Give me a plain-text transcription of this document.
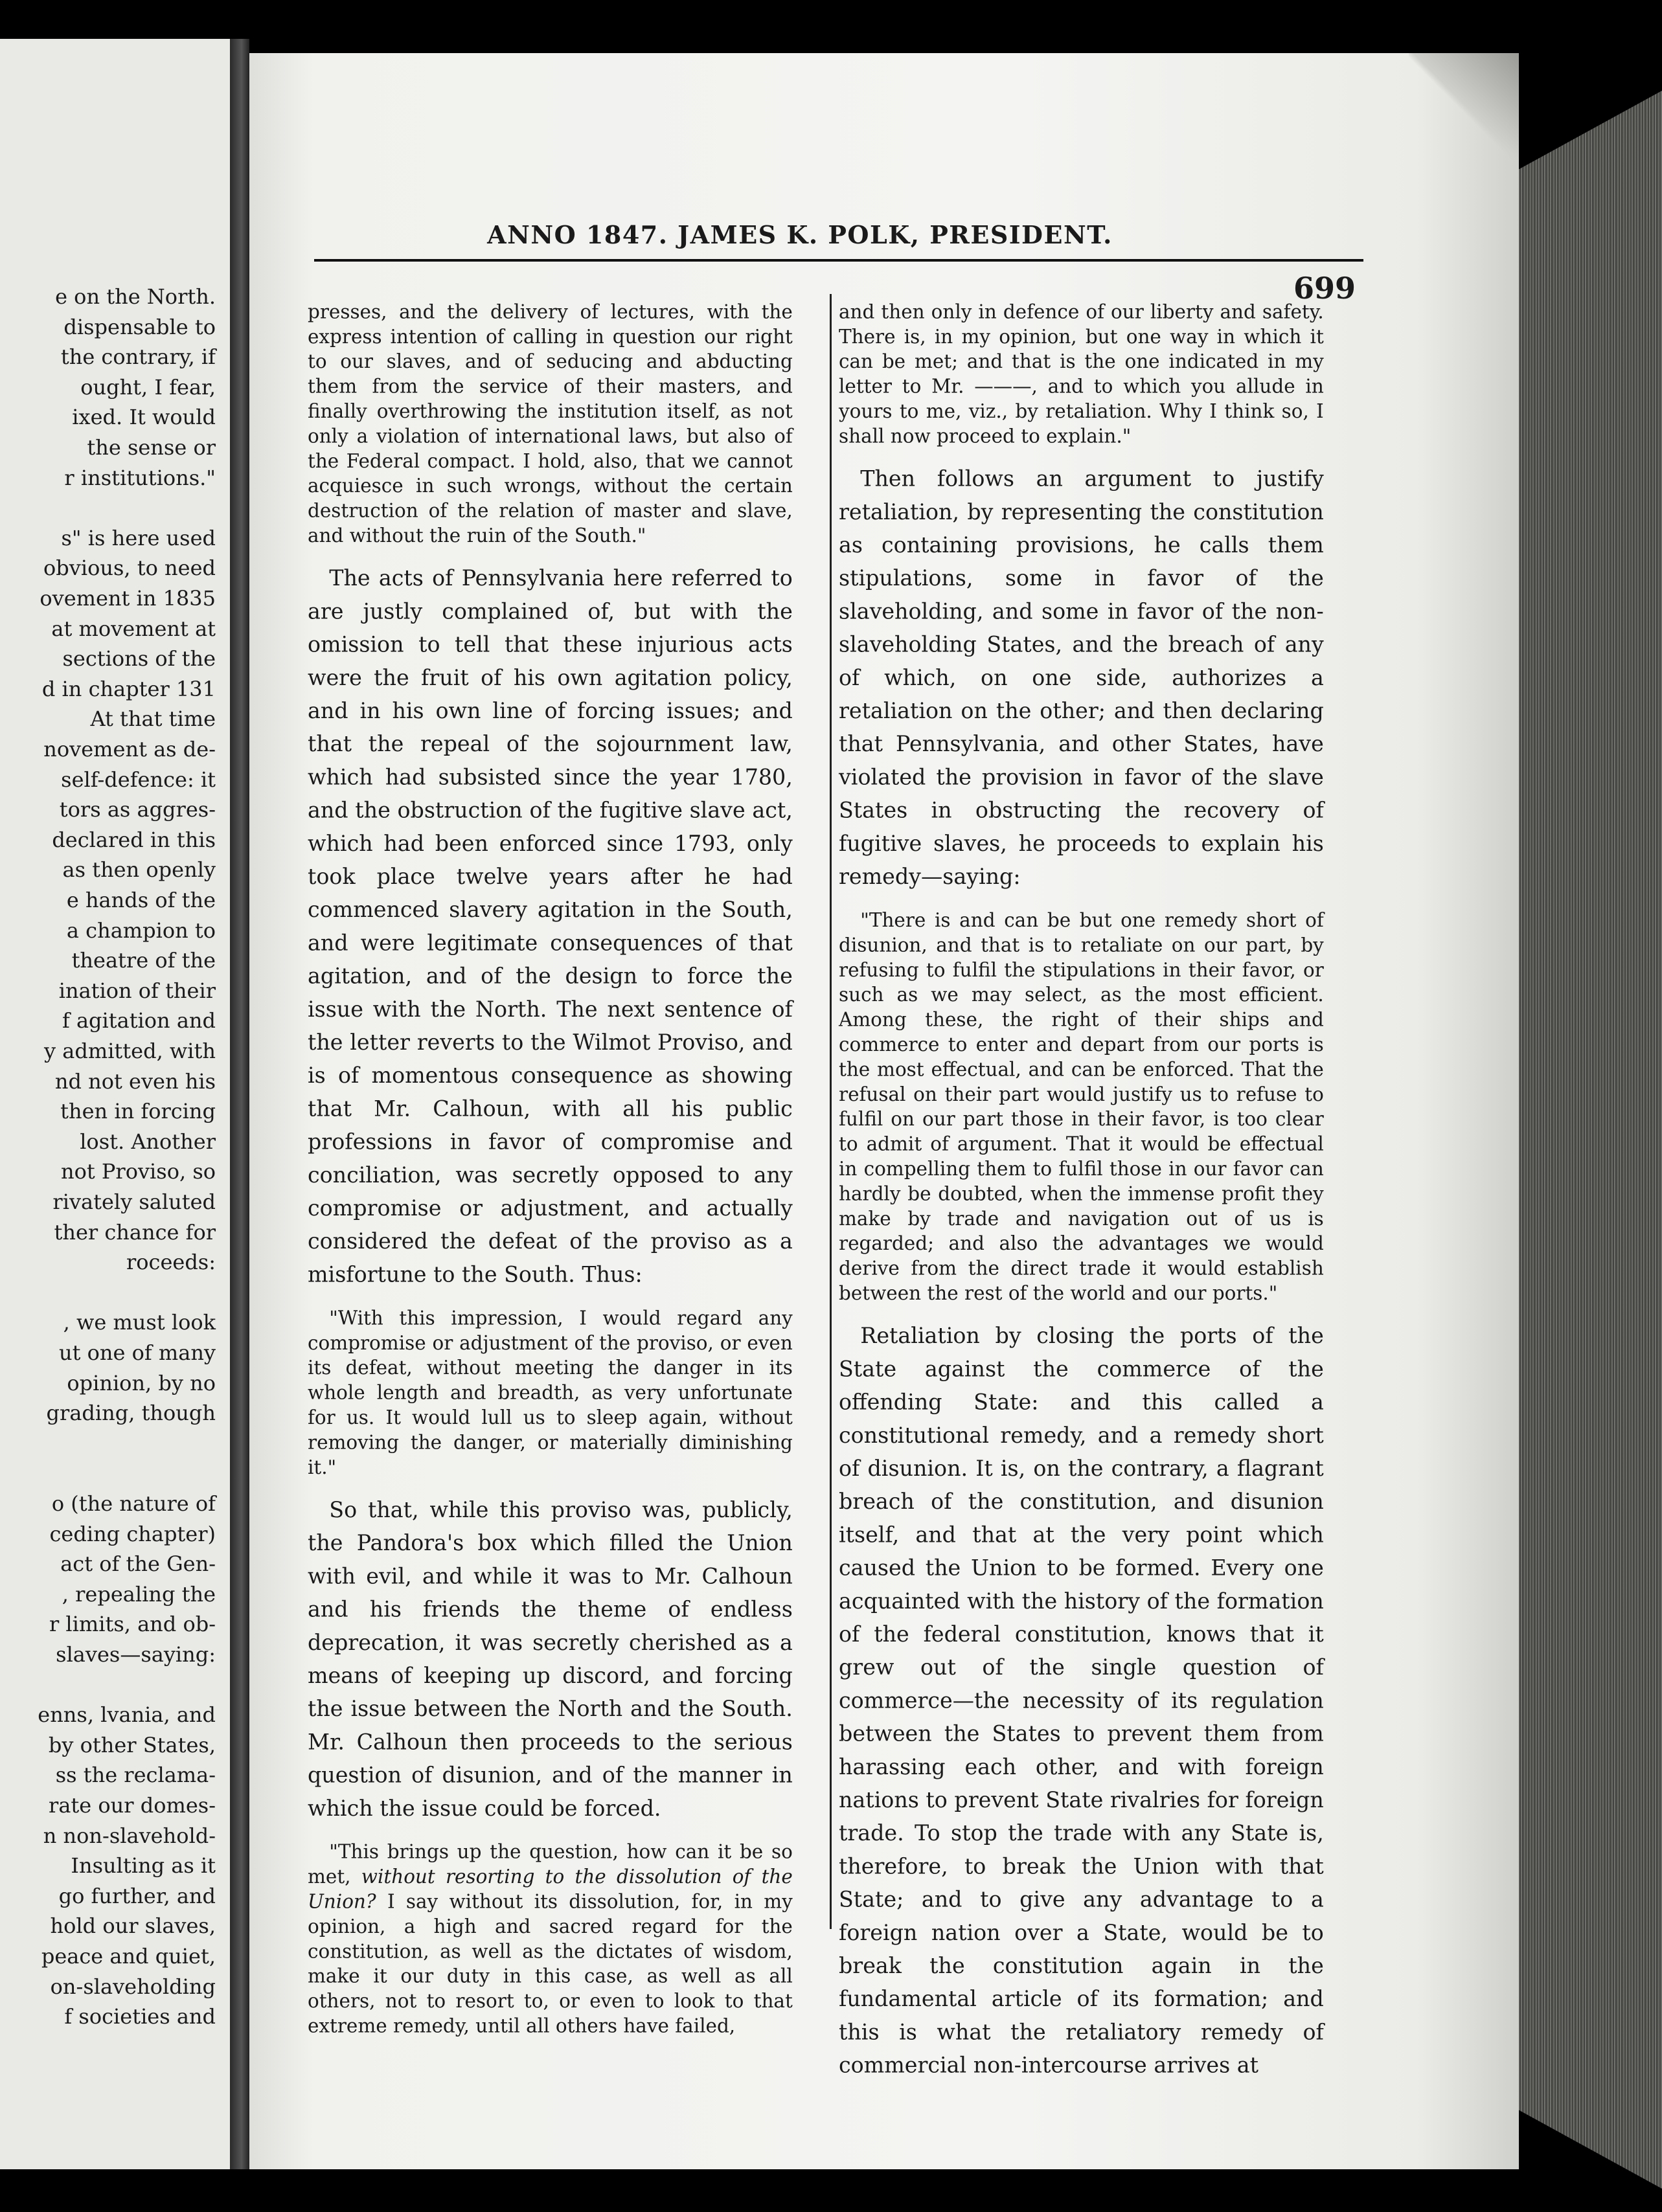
e on the North.
dispensable to
the contrary, if
ought, I fear,
ixed. It would
the sense or
r institutions."
s" is here used
obvious, to need
ovement in 1835
at movement at
sections of the
d in chapter 131
At that time
novement as de-
self-defence: it
tors as aggres-
declared in this
as then openly
e hands of the
a champion to
theatre of the
ination of their
f agitation and
y admitted, with
nd not even his
then in forcing
lost. Another
not Proviso, so
rivately saluted
ther chance for
roceeds:
, we must look
ut one of many
opinion, by no
grading, though
o (the nature of
ceding chapter)
act of the Gen-
, repealing the
r limits, and ob-
slaves—saying:
enns, lvania, and
by other States,
ss the reclama-
rate our domes-
n non-slavehold-
Insulting as it
go further, and
hold our slaves,
peace and quiet,
on-slaveholding
f societies and
ANNO 1847. JAMES K. POLK, PRESIDENT.
699

presses, and the delivery of lectures, with the express intention of calling in question our right to our slaves, and of seducing and abducting them from the service of their masters, and finally overthrowing the institution itself, as not only a violation of international laws, but also of the Federal compact. I hold, also, that we cannot acquiesce in such wrongs, without the certain destruction of the relation of master and slave, and without the ruin of the South."

The acts of Pennsylvania here referred to are justly complained of, but with the omission to tell that these injurious acts were the fruit of his own agitation policy, and in his own line of forcing issues; and that the repeal of the sojournment law, which had subsisted since the year 1780, and the obstruction of the fugitive slave act, which had been enforced since 1793, only took place twelve years after he had commenced slavery agitation in the South, and were legitimate consequences of that agitation, and of the design to force the issue with the North. The next sentence of the letter reverts to the Wilmot Proviso, and is of momentous consequence as showing that Mr. Calhoun, with all his public professions in favor of compromise and conciliation, was secretly opposed to any compromise or adjustment, and actually considered the defeat of the proviso as a misfortune to the South. Thus:

"With this impression, I would regard any compromise or adjustment of the proviso, or even its defeat, without meeting the danger in its whole length and breadth, as very unfortunate for us. It would lull us to sleep again, without removing the danger, or materially diminishing it."

So that, while this proviso was, publicly, the Pandora's box which filled the Union with evil, and while it was to Mr. Calhoun and his friends the theme of endless deprecation, it was secretly cherished as a means of keeping up discord, and forcing the issue between the North and the South. Mr. Calhoun then proceeds to the serious question of disunion, and of the manner in which the issue could be forced.

"This brings up the question, how can it be so met, without resorting to the dissolution of the Union? I say without its dissolution, for, in my opinion, a high and sacred regard for the constitution, as well as the dictates of wisdom, make it our duty in this case, as well as all others, not to resort to, or even to look to that extreme remedy, until all others have failed,

and then only in defence of our liberty and safety. There is, in my opinion, but one way in which it can be met; and that is the one indicated in my letter to Mr. ———, and to which you allude in yours to me, viz., by retaliation. Why I think so, I shall now proceed to explain."

Then follows an argument to justify retaliation, by representing the constitution as containing provisions, he calls them stipulations, some in favor of the slaveholding, and some in favor of the non-slaveholding States, and the breach of any of which, on one side, authorizes a retaliation on the other; and then declaring that Pennsylvania, and other States, have violated the provision in favor of the slave States in obstructing the recovery of fugitive slaves, he proceeds to explain his remedy—saying:

"There is and can be but one remedy short of disunion, and that is to retaliate on our part, by refusing to fulfil the stipulations in their favor, or such as we may select, as the most efficient. Among these, the right of their ships and commerce to enter and depart from our ports is the most effectual, and can be enforced. That the refusal on their part would justify us to refuse to fulfil on our part those in their favor, is too clear to admit of argument. That it would be effectual in compelling them to fulfil those in our favor can hardly be doubted, when the immense profit they make by trade and navigation out of us is regarded; and also the advantages we would derive from the direct trade it would establish between the rest of the world and our ports."

Retaliation by closing the ports of the State against the commerce of the offending State: and this called a constitutional remedy, and a remedy short of disunion. It is, on the contrary, a flagrant breach of the constitution, and disunion itself, and that at the very point which caused the Union to be formed. Every one acquainted with the history of the formation of the federal constitution, knows that it grew out of the single question of commerce—the necessity of its regulation between the States to prevent them from harassing each other, and with foreign nations to prevent State rivalries for foreign trade. To stop the trade with any State is, therefore, to break the Union with that State; and to give any advantage to a foreign nation over a State, would be to break the constitution again in the fundamental article of its formation; and this is what the retaliatory remedy of commercial non-intercourse arrives at
